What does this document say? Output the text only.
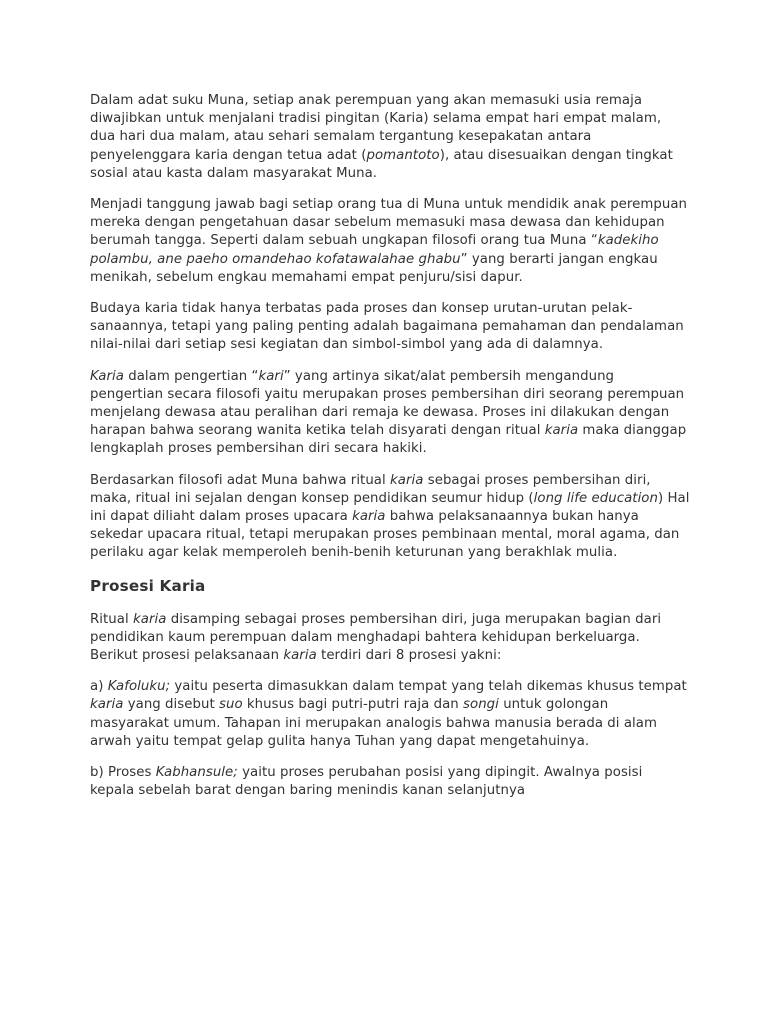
Dalam adat suku Muna, setiap anak perempuan yang akan memasuki usia remaja diwajibkan untuk menjalani tradisi pingitan (Karia) selama empat hari empat malam, dua hari dua malam, atau sehari semalam tergantung kesepakatan antara penyelenggara karia dengan tetua adat (pomantoto), atau disesuaikan dengan tingkat sosial atau kasta dalam masyarakat Muna.

Menjadi tanggung jawab bagi setiap orang tua di Muna untuk mendidik anak perempuan mereka dengan pengetahuan dasar sebelum memasuki masa dewasa dan kehidupan berumah tangga. Seperti dalam sebuah ungkapan filosofi orang tua Muna “kadekiho polambu, ane paeho omandehao kofatawalahae ghabu” yang berarti jangan engkau menikah, sebelum engkau memahami empat penjuru/sisi dapur.

Budaya karia tidak hanya terbatas pada proses dan konsep urutan-urutan pelak-sanaannya, tetapi yang paling penting adalah bagaimana pemahaman dan pendalaman nilai-nilai dari setiap sesi kegiatan dan simbol-simbol yang ada di dalamnya.

Karia dalam pengertian “kari” yang artinya sikat/alat pembersih mengandung pengertian secara filosofi yaitu merupakan proses pembersihan diri seorang perempuan menjelang dewasa atau peralihan dari remaja ke dewasa. Proses ini dilakukan dengan harapan bahwa seorang wanita ketika telah disyarati dengan ritual karia maka dianggap lengkaplah proses pembersihan diri secara hakiki.

Berdasarkan filosofi adat Muna bahwa ritual karia sebagai proses pembersihan diri, maka, ritual ini sejalan dengan konsep pendidikan seumur hidup (long life education) Hal ini dapat diliaht dalam proses upacara karia bahwa pelaksanaannya bukan hanya sekedar upacara ritual, tetapi merupakan proses pembinaan mental, moral agama, dan perilaku agar kelak memperoleh benih-benih keturunan yang berakhlak mulia.

Prosesi Karia

Ritual karia disamping sebagai proses pembersihan diri, juga merupakan bagian dari pendidikan kaum perempuan dalam menghadapi bahtera kehidupan berkeluarga. Berikut prosesi pelaksanaan karia terdiri dari 8 prosesi yakni:

a) Kafoluku; yaitu peserta dimasukkan dalam tempat yang telah dikemas khusus tempat karia yang disebut suo khusus bagi putri-putri raja dan songi untuk golongan masyarakat umum. Tahapan ini merupakan analogis bahwa manusia berada di alam arwah yaitu tempat gelap gulita hanya Tuhan yang dapat mengetahuinya.

b) Proses Kabhansule; yaitu proses perubahan posisi yang dipingit. Awalnya posisi kepala sebelah barat dengan baring menindis kanan selanjutnya
